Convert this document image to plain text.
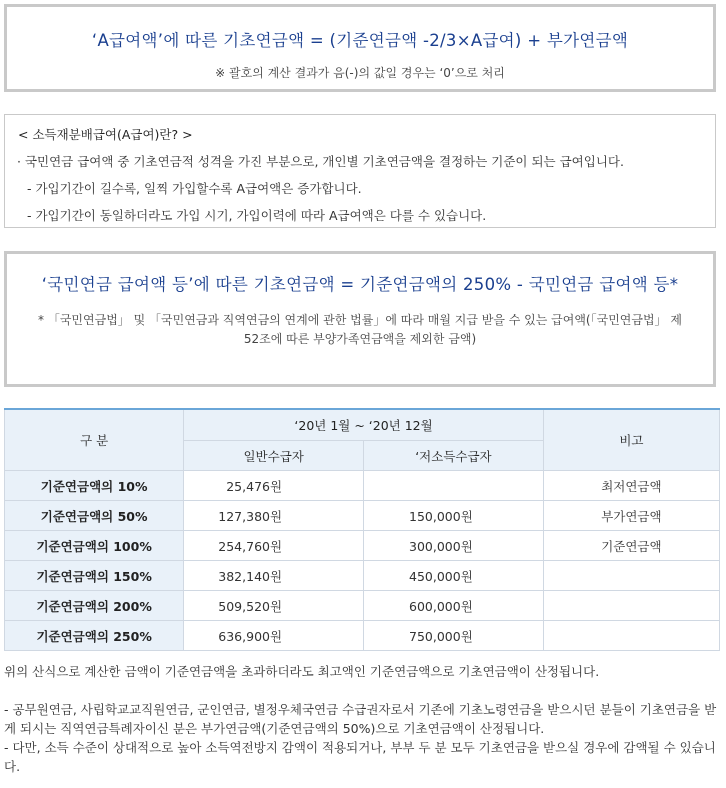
‘A급여액’에 따른 기초연금액 = (기준연금액 -2/3×A급여) + 부가연금액
※ 괄호의 계산 결과가 음(-)의 값일 경우는 ‘0’으로 처리
< 소득재분배급여(A급여)란? >
· 국민연금 급여액 중 기초연금적 성격을 가진 부분으로, 개인별 기초연금액을 결정하는 기준이 되는 급여입니다.
- 가입기간이 길수록, 일찍 가입할수록 A급여액은 증가합니다.
- 가입기간이 동일하더라도 가입 시기, 가입이력에 따라 A급여액은 다를 수 있습니다.
‘국민연금 급여액 등’에 따른 기초연금액 = 기준연금액의 250% - 국민연금 급여액 등*
* 「국민연금법」 및 「국민연금과 직역연금의 연계에 관한 법률」에 따라 매월 지급 받을 수 있는 급여액(「국민연금법」 제52조에 따른 부양가족연금액을 제외한 금액)
구 분	‘20년 1월 ~ ‘20년 12월		비고
	일반수급자	‘저소득수급자	
기준연금액의 10%	25,476원		최저연금액
기준연금액의 50%	127,380원	150,000원	부가연금액
기준연금액의 100%	254,760원	300,000원	기준연금액
기준연금액의 150%	382,140원	450,000원	
기준연금액의 200%	509,520원	600,000원	
기준연금액의 250%	636,900원	750,000원	
위의 산식으로 계산한 금액이 기준연금액을 초과하더라도 최고액인 기준연금액으로 기초연금액이 산정됩니다.
- 공무원연금, 사립학교교직원연금, 군인연금, 별정우체국연금 수급권자로서 기존에 기초노령연금을 받으시던 분들이 기초연금을 받게 되시는 직역연금특례자이신 분은 부가연금액(기준연금액의 50%)으로 기초연금액이 산정됩니다.
- 다만, 소득 수준이 상대적으로 높아 소득역전방지 감액이 적용되거나, 부부 두 분 모두 기초연금을 받으실 경우에 감액될 수 있습니다.
